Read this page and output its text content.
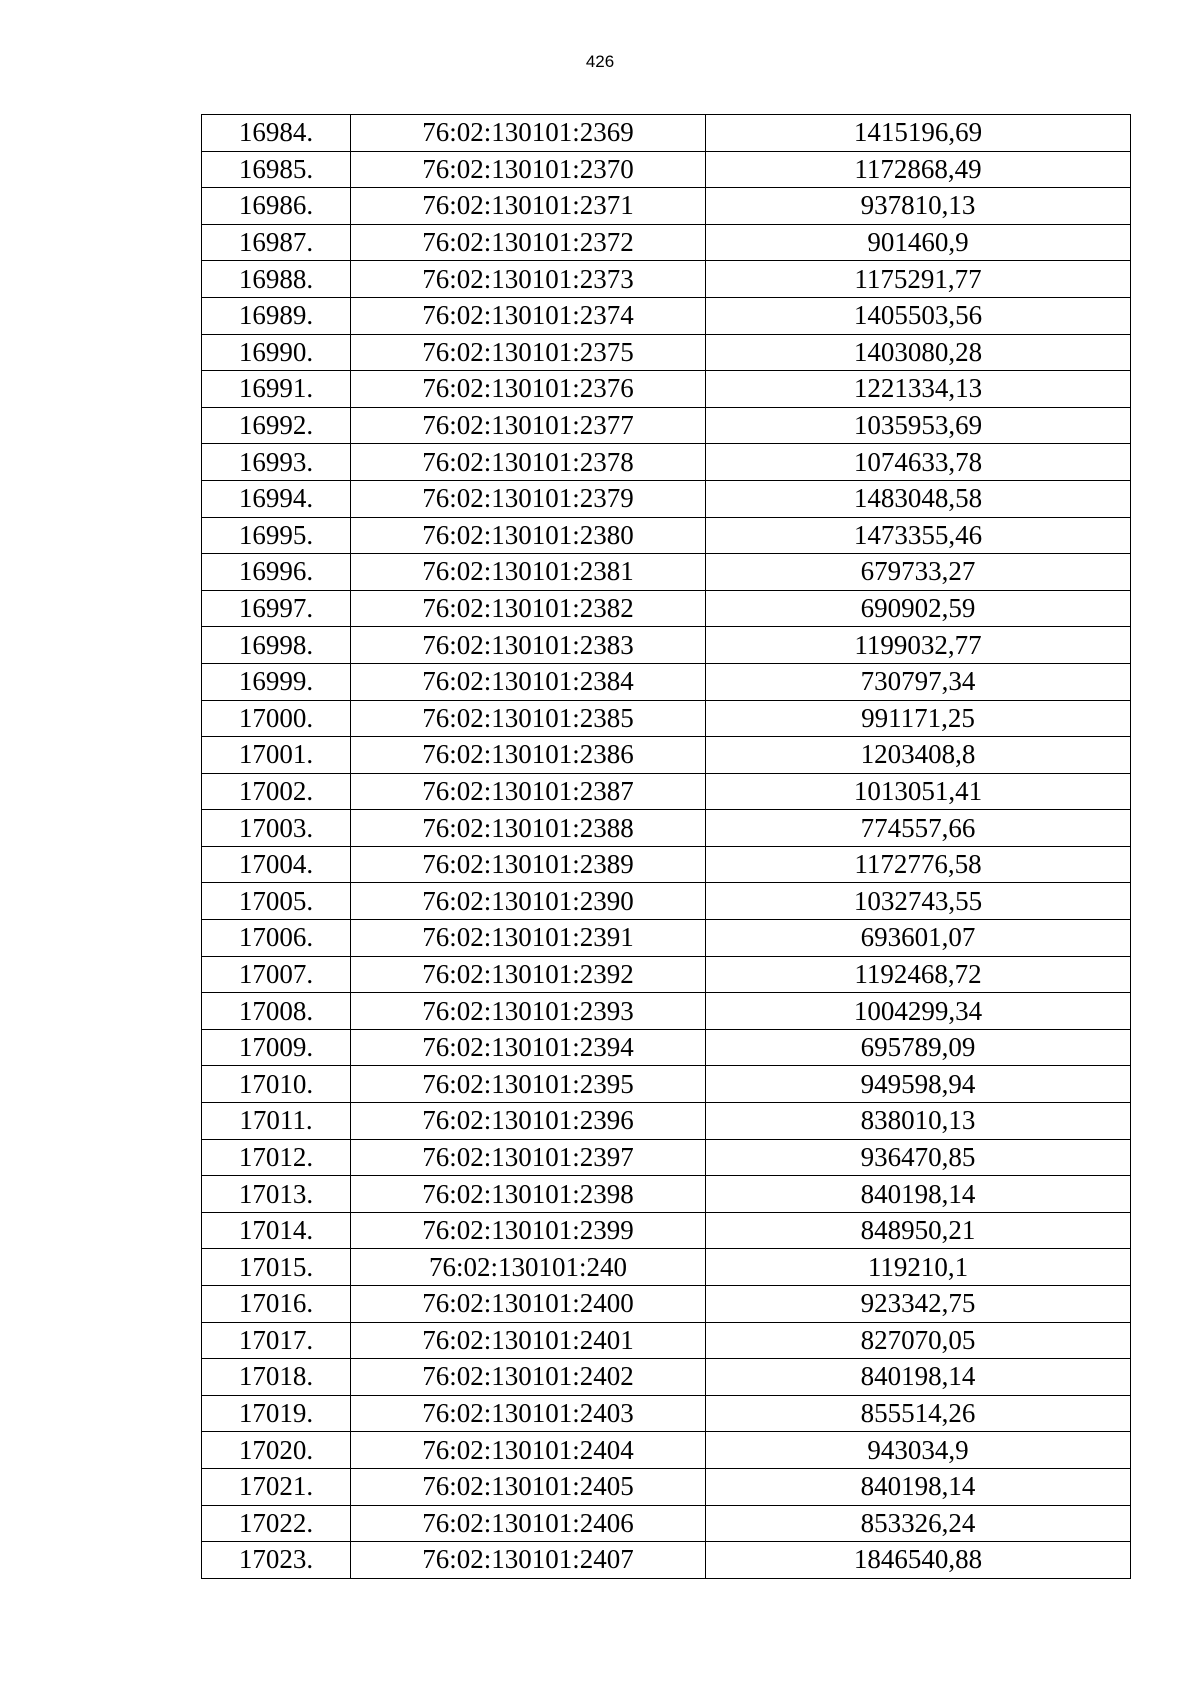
426
16984.	76:02:130101:2369	1415196,69
16985.	76:02:130101:2370	1172868,49
16986.	76:02:130101:2371	937810,13
16987.	76:02:130101:2372	901460,9
16988.	76:02:130101:2373	1175291,77
16989.	76:02:130101:2374	1405503,56
16990.	76:02:130101:2375	1403080,28
16991.	76:02:130101:2376	1221334,13
16992.	76:02:130101:2377	1035953,69
16993.	76:02:130101:2378	1074633,78
16994.	76:02:130101:2379	1483048,58
16995.	76:02:130101:2380	1473355,46
16996.	76:02:130101:2381	679733,27
16997.	76:02:130101:2382	690902,59
16998.	76:02:130101:2383	1199032,77
16999.	76:02:130101:2384	730797,34
17000.	76:02:130101:2385	991171,25
17001.	76:02:130101:2386	1203408,8
17002.	76:02:130101:2387	1013051,41
17003.	76:02:130101:2388	774557,66
17004.	76:02:130101:2389	1172776,58
17005.	76:02:130101:2390	1032743,55
17006.	76:02:130101:2391	693601,07
17007.	76:02:130101:2392	1192468,72
17008.	76:02:130101:2393	1004299,34
17009.	76:02:130101:2394	695789,09
17010.	76:02:130101:2395	949598,94
17011.	76:02:130101:2396	838010,13
17012.	76:02:130101:2397	936470,85
17013.	76:02:130101:2398	840198,14
17014.	76:02:130101:2399	848950,21
17015.	76:02:130101:240	119210,1
17016.	76:02:130101:2400	923342,75
17017.	76:02:130101:2401	827070,05
17018.	76:02:130101:2402	840198,14
17019.	76:02:130101:2403	855514,26
17020.	76:02:130101:2404	943034,9
17021.	76:02:130101:2405	840198,14
17022.	76:02:130101:2406	853326,24
17023.	76:02:130101:2407	1846540,88
